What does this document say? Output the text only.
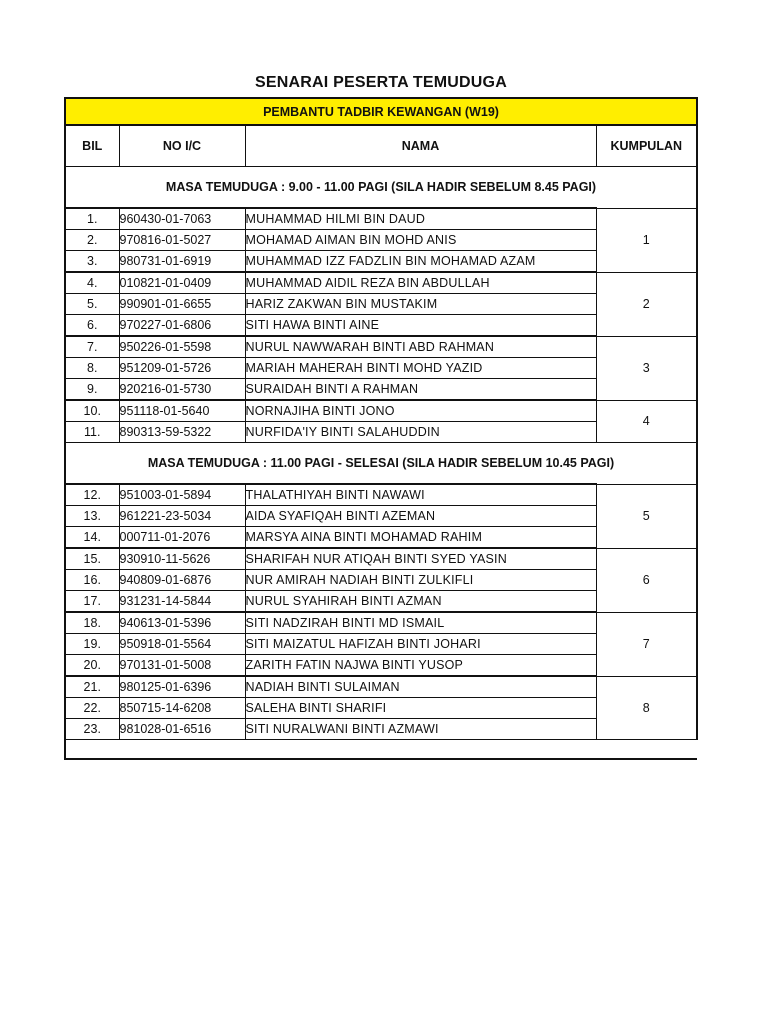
SENARAI PESERTA TEMUDUGA
PEMBANTU TADBIR KEWANGAN (W19)			
BIL	NO I/C	NAMA	KUMPULAN
MASA TEMUDUGA : 9.00 - 11.00 PAGI (SILA HADIR SEBELUM 8.45 PAGI)			
1.	960430-01-7063	MUHAMMAD HILMI BIN DAUD	1
2.	970816-01-5027	MOHAMAD AIMAN BIN MOHD ANIS	
3.	980731-01-6919	MUHAMMAD IZZ FADZLIN BIN MOHAMAD AZAM	
4.	010821-01-0409	MUHAMMAD AIDIL REZA BIN ABDULLAH	2
5.	990901-01-6655	HARIZ ZAKWAN BIN MUSTAKIM	
6.	970227-01-6806	SITI HAWA BINTI AINE	
7.	950226-01-5598	NURUL NAWWARAH BINTI ABD RAHMAN	3
8.	951209-01-5726	MARIAH MAHERAH BINTI MOHD YAZID	
9.	920216-01-5730	SURAIDAH BINTI A RAHMAN	
10.	951118-01-5640	NORNAJIHA BINTI JONO	4
11.	890313-59-5322	NURFIDA'IY BINTI SALAHUDDIN	
MASA TEMUDUGA : 11.00 PAGI - SELESAI (SILA HADIR SEBELUM 10.45 PAGI)			
12.	951003-01-5894	THALATHIYAH BINTI NAWAWI	5
13.	961221-23-5034	AIDA SYAFIQAH BINTI AZEMAN	
14.	000711-01-2076	MARSYA AINA BINTI MOHAMAD RAHIM	
15.	930910-11-5626	SHARIFAH NUR ATIQAH BINTI SYED YASIN	6
16.	940809-01-6876	NUR AMIRAH NADIAH BINTI ZULKIFLI	
17.	931231-14-5844	NURUL SYAHIRAH BINTI AZMAN	
18.	940613-01-5396	SITI NADZIRAH BINTI MD ISMAIL	7
19.	950918-01-5564	SITI MAIZATUL HAFIZAH BINTI JOHARI	
20.	970131-01-5008	ZARITH FATIN NAJWA BINTI YUSOP	
21.	980125-01-6396	NADIAH BINTI SULAIMAN	8
22.	850715-14-6208	SALEHA BINTI SHARIFI	
23.	981028-01-6516	SITI NURALWANI BINTI AZMAWI	
